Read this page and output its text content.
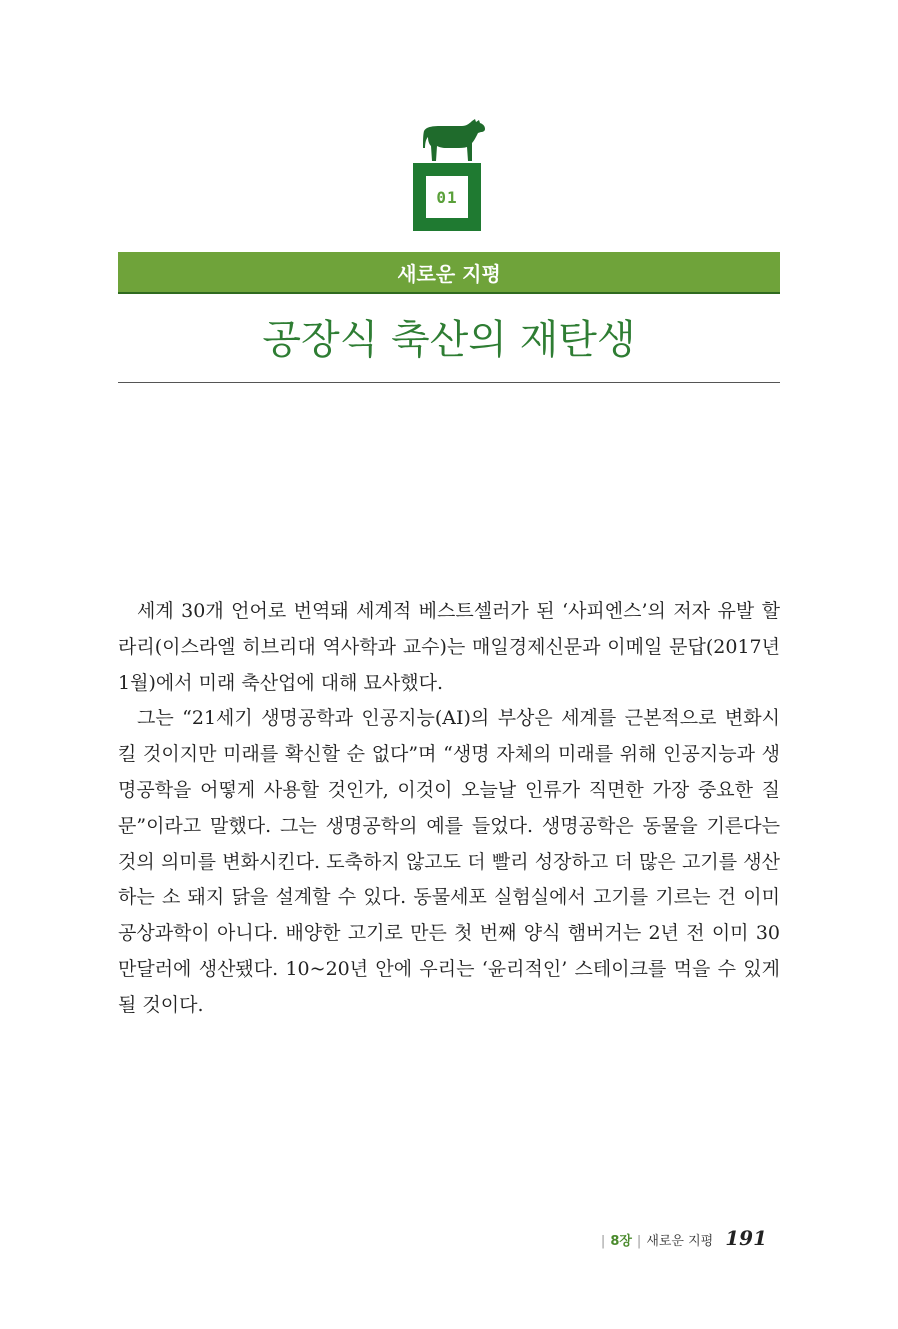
01
새로운 지평
공장식 축산의 재탄생

세계 30개 언어로 번역돼 세계적 베스트셀러가 된 ‘사피엔스’의 저자 유발 할라리(이스라엘 히브리대 역사학과 교수)는 매일경제신문과 이메일 문답(2017년 1월)에서 미래 축산업에 대해 묘사했다.

그는 “21세기 생명공학과 인공지능(AI)의 부상은 세계를 근본적으로 변화시킬 것이지만 미래를 확신할 순 없다”며 “생명 자체의 미래를 위해 인공지능과 생명공학을 어떻게 사용할 것인가, 이것이 오늘날 인류가 직면한 가장 중요한 질문”이라고 말했다. 그는 생명공학의 예를 들었다. 생명공학은 동물을 기른다는 것의 의미를 변화시킨다. 도축하지 않고도 더 빨리 성장하고 더 많은 고기를 생산하는 소 돼지 닭을 설계할 수 있다. 동물세포 실험실에서 고기를 기르는 건 이미 공상과학이 아니다. 배양한 고기로 만든 첫 번째 양식 햄버거는 2년 전 이미 30만달러에 생산됐다. 10~20년 안에 우리는 ‘윤리적인’ 스테이크를 먹을 수 있게 될 것이다.

| 8장 | 새로운 지평 191
